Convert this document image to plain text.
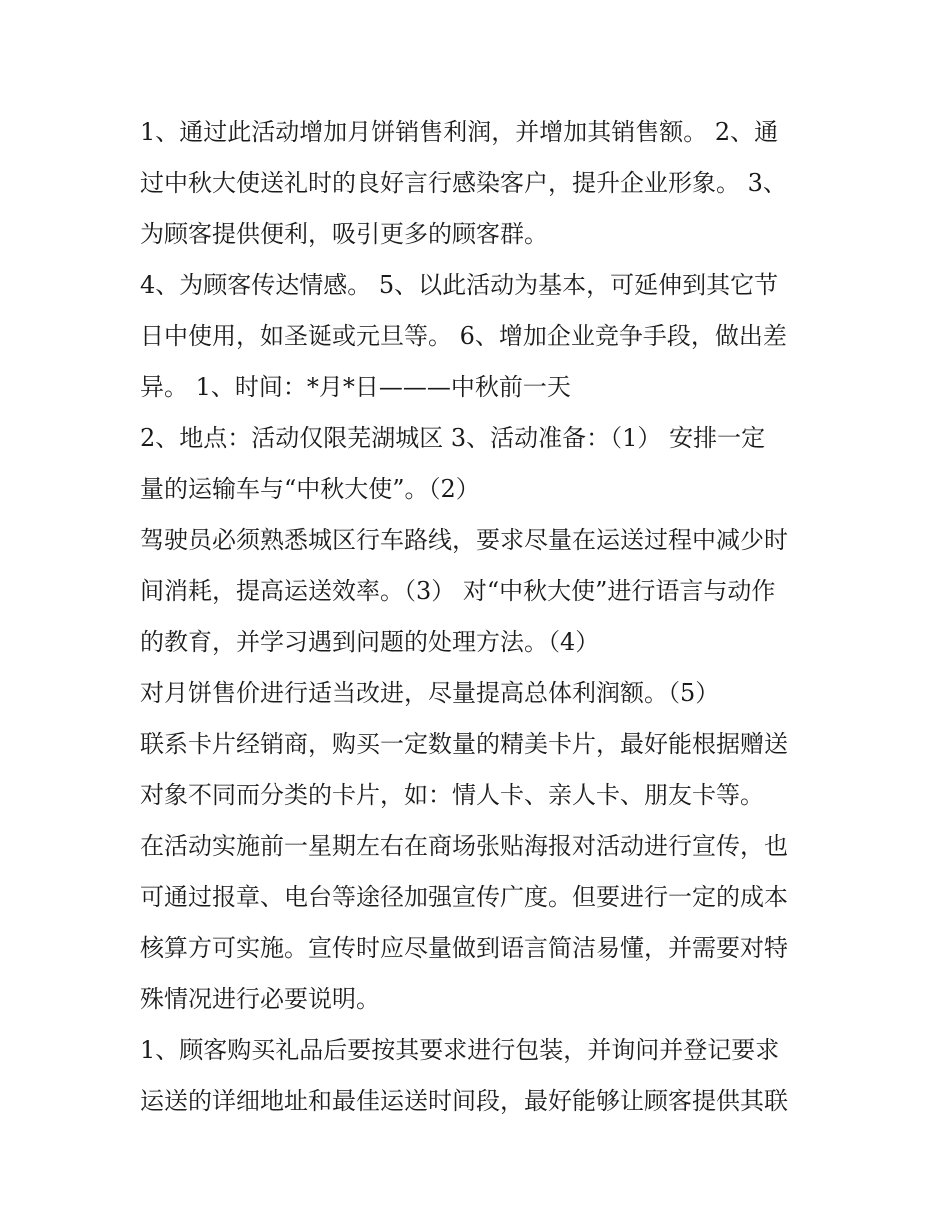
1、通过此活动增加月饼销售利润，并增加其销售额。 2、通
过中秋大使送礼时的良好言行感染客户，提升企业形象。 3、
为顾客提供便利，吸引更多的顾客群。
4、为顾客传达情感。 5、以此活动为基本，可延伸到其它节
日中使用，如圣诞或元旦等。 6、增加企业竞争手段，做出差
异。 1、时间：*月*日———中秋前一天
2、地点：活动仅限芜湖城区 3、活动准备：（1） 安排一定
量的运输车与“中秋大使”。（2）
驾驶员必须熟悉城区行车路线，要求尽量在运送过程中减少时
间消耗，提高运送效率。（3） 对“中秋大使”进行语言与动作
的教育，并学习遇到问题的处理方法。（4）
对月饼售价进行适当改进，尽量提高总体利润额。（5）
联系卡片经销商，购买一定数量的精美卡片，最好能根据赠送
对象不同而分类的卡片，如：情人卡、亲人卡、朋友卡等。
在活动实施前一星期左右在商场张贴海报对活动进行宣传，也
可通过报章、电台等途径加强宣传广度。但要进行一定的成本
核算方可实施。宣传时应尽量做到语言简洁易懂，并需要对特
殊情况进行必要说明。
1、顾客购买礼品后要按其要求进行包装，并询问并登记要求
运送的详细地址和最佳运送时间段，最好能够让顾客提供其联
